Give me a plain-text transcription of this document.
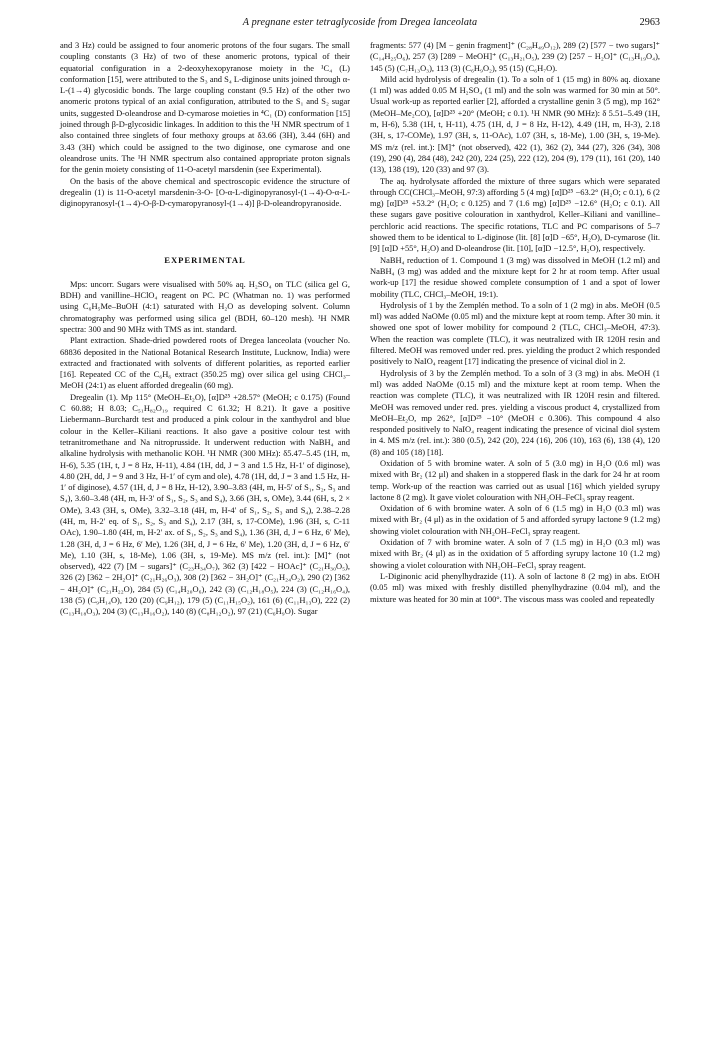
A pregnane ester tetraglycoside from Dregea lanceolata	2963

and 3 Hz) could be assigned to four anomeric protons of the four sugars. The small coupling constants (3 Hz) of two of these anomeric protons, typical of their equatorial configuration in a 2-deoxyhexopyranose moiety in the ¹C₄ (L) conformation [15], were attributed to the S₃ and S₄ L-diginose units joined through α-L-(1→4) glycosidic bonds. The large coupling constant (9.5 Hz) of the other two anomeric protons typical of an axial configuration, attributed to the S₁ and S₂ sugar units, suggested D-oleandrose and D-cymarose moieties in ⁴C₁ (D) conformation [15] joined through β-D-glycosidic linkages. In addition to this the ¹H NMR spectrum of 1 also contained three singlets of four methoxy groups at δ3.66 (3H), 3.44 (6H) and 3.43 (3H) which could be assigned to the two diginose, one cymarose and one oleandrose units. The ¹H NMR spectrum also contained appropriate proton signals for the genin moiety consisting of 11-O-acetyl marsdenin (see Experimental).

On the basis of the above chemical and spectroscopic evidence the structure of dregealin (1) is 11-O-acetyl marsdenin-3-O- [O-α-L-diginopyranosyl-(1→4)-O-α-L-diginopyranosyl-(1→4)-O-β-D-cymaropyranosyl-(1→4)] β-D-oleandropyranoside.

EXPERIMENTAL

Mps: uncorr. Sugars were visualised with 50% aq. H₂SO₄ on TLC (silica gel G, BDH) and vanilline–HClO₄ reagent on PC. PC (Whatman no. 1) was performed using C₆H₅Me–BuOH (4:1) saturated with H₂O as developing solvent. Column chromatography was performed using silica gel (BDH, 60–120 mesh). ¹H NMR spectra: 300 and 90 MHz with TMS as int. standard.

Plant extraction. Shade-dried powdered roots of Dregea lanceolata (voucher No. 68836 deposited in the National Botanical Research Institute, Lucknow, India) were extracted and fractionated with solvents of different polarities, as reported earlier [16]. Repeated CC of the C₆H₆ extract (350.25 mg) over silica gel using CHCl₃–MeOH (24:1) as eluent afforded dregealin (60 mg).

Dregealin (1). Mp 115° (MeOH–Et₂O), [α]D²⁵ +28.57° (MeOH; c 0.175) (Found C 60.88; H 8.03; C₅₁H₈₂O₁₉ required C 61.32; H 8.21). It gave a positive Liebermann–Burchardt test and produced a pink colour in the xanthydrol and blue colour in the Keller–Kiliani reactions. It also gave a positive colour test with tetranitromethane and Na nitroprusside. It underwent reduction with NaBH₄ and alkaline hydrolysis with methanolic KOH. ¹H NMR (300 MHz): δ5.47–5.45 (1H, m, H-6), 5.35 (1H, t, J = 8 Hz, H-11), 4.84 (1H, dd, J = 3 and 1.5 Hz, H-1′ of diginose), 4.80 (2H, dd, J = 9 and 3 Hz, H-1′ of cym and ole), 4.78 (1H, dd, J = 3 and 1.5 Hz, H-1′ of diginose), 4.57 (1H, d, J = 8 Hz, H-12), 3.90–3.83 (4H, m, H-5′ of S₁, S₂, S₃ and S₄), 3.60–3.48 (4H, m, H-3′ of S₁, S₂, S₃ and S₄), 3.66 (3H, s, OMe), 3.44 (6H, s, 2 × OMe), 3.43 (3H, s, OMe), 3.32–3.18 (4H, m, H-4′ of S₁, S₂, S₃ and S₄), 2.38–2.28 (4H, m, H-2′ eq. of S₁, S₂, S₃ and S₄), 2.17 (3H, s, 17-COMe), 1.96 (3H, s, C-11 OAc), 1.90–1.80 (4H, m, H-2′ ax. of S₁, S₂, S₃ and S₄), 1.36 (3H, d, J = 6 Hz, 6′ Me), 1.28 (3H, d, J = 6 Hz, 6′ Me), 1.26 (3H, d, J = 6 Hz, 6′ Me), 1.20 (3H, d, J = 6 Hz, 6′ Me), 1.10 (3H, s, 18-Me), 1.06 (3H, s, 19-Me). MS m/z (rel. int.): [M]⁺ (not observed), 422 (7) [M − sugars]⁺ (C₂₃H₃₄O₇), 362 (3) [422 − HOAc]⁺ (C₂₁H₃₀O₅), 326 (2) [362 − 2H₂O]⁺ (C₂₁H₂₆O₃), 308 (2) [362 − 3H₂O]⁺ (C₂₁H₂₄O₂), 290 (2) [362 − 4H₂O]⁺ (C₂₁H₂₂O), 284 (5) (C₁₄H₂₀O₆), 242 (3) (C₁₂H₁₈O₅), 224 (3) (C₁₂H₁₆O₄), 138 (5) (C₉H₁₄O), 120 (20) (C₉H₁₂), 179 (5) (C₁₁H₁₅O₂), 161 (6) (C₁₁H₁₃O), 222 (2) (C₁₃H₁₈O₃), 204 (3) (C₁₃H₁₆O₂), 140 (8) (C₈H₁₂O₂), 97 (21) (C₆H₉O). Sugar

fragments: 577 (4) [M − genin fragment]⁺ (C₂₈H₄₉O₁₂), 289 (2) [577 − two sugars]⁺ (C₁₄H₂₅O₆), 257 (3) [289 − MeOH]⁺ (C₁₃H₂₁O₅), 239 (2) [257 − H₂O]⁺ (C₁₃H₁₉O₄), 145 (5) (C₇H₁₃O₃), 113 (3) (C₆H₉O₂), 95 (15) (C₆H₇O).

Mild acid hydrolysis of dregealin (1). To a soln of 1 (15 mg) in 80% aq. dioxane (1 ml) was added 0.05 M H₂SO₄ (1 ml) and the soln was warmed for 30 min at 50°. Usual work-up as reported earlier [2], afforded a crystalline genin 3 (5 mg), mp 162° (MeOH–Me₂CO), [α]D²⁵ +20° (MeOH; c 0.1). ¹H NMR (90 MHz): δ 5.51–5.49 (1H, m, H-6), 5.38 (1H, t, H-11), 4.75 (1H, d, J = 8 Hz, H-12), 4.49 (1H, m, H-3), 2.18 (3H, s, 17-COMe), 1.97 (3H, s, 11-OAc), 1.07 (3H, s, 18-Me), 1.00 (3H, s, 19-Me). MS m/z (rel. int.): [M]⁺ (not observed), 422 (1), 362 (2), 344 (27), 326 (34), 308 (19), 290 (4), 284 (48), 242 (20), 224 (25), 222 (12), 204 (9), 179 (11), 161 (20), 140 (13), 138 (19), 120 (33) and 97 (3).

The aq. hydrolysate afforded the mixture of three sugars which were separated through CC(CHCl₃–MeOH, 97:3) affording 5 (4 mg) [α]D²⁵ −63.2° (H₂O; c 0.1), 6 (2 mg) [α]D²⁵ +53.2° (H₂O; c 0.125) and 7 (1.6 mg) [α]D²⁵ −12.6° (H₂O; c 0.1). All these sugars gave positive colouration in xanthydrol, Keller–Kiliani and vanilline–perchloric acid reactions. The specific rotations, TLC and PC comparisons of 5–7 showed them to be identical to L-diginose (lit. [8] [α]D −65°, H₂O), D-cymarose (lit. [9] [α]D +55°, H₂O) and D-oleandrose (lit. [10], [α]D −12.5°, H₂O), respectively.

NaBH₄ reduction of 1. Compound 1 (3 mg) was dissolved in MeOH (1.2 ml) and NaBH₄ (3 mg) was added and the mixture kept for 2 hr at room temp. After usual work-up [17] the residue showed complete consumption of 1 and a spot of lower mobility (TLC, CHCl₃–MeOH, 19:1).

Hydrolysis of 1 by the Zemplén method. To a soln of 1 (2 mg) in abs. MeOH (0.5 ml) was added NaOMe (0.05 ml) and the mixture kept at room temp. After 30 min. it showed one spot of lower mobility for compound 2 (TLC, CHCl₃–MeOH, 47:3). When the reaction was complete (TLC), it was neutralized with IR 120H resin and filtered. MeOH was removed under red. pres. yielding the product 2 which responded positively to NaIO₄ reagent [17] indicating the presence of vicinal diol in 2.

Hydrolysis of 3 by the Zemplén method. To a soln of 3 (3 mg) in abs. MeOH (1 ml) was added NaOMe (0.15 ml) and the mixture kept at room temp. When the reaction was complete (TLC), it was neutralized with IR 120H resin and filtered. MeOH was removed under red. pres. yielding a viscous product 4, crystallized from MeOH–Et₂O, mp 262°, [α]D²⁵ −10° (MeOH c 0.306). This compound 4 also responded positively to NaIO₄ reagent indicating the presence of vicinal diol system in 4. MS m/z (rel. int.): 380 (0.5), 242 (20), 224 (16), 206 (10), 163 (6), 138 (4), 120 (8) and 105 (18) [18].

Oxidation of 5 with bromine water. A soln of 5 (3.0 mg) in H₂O (0.6 ml) was mixed with Br₂ (12 μl) and shaken in a stoppered flask in the dark for 24 hr at room temp. Work-up of the reaction was carried out as usual [16] which yielded syrupy lactone 8 (2 mg). It gave violet colouration with NH₂OH–FeCl₃ spray reagent.

Oxidation of 6 with bromine water. A soln of 6 (1.5 mg) in H₂O (0.3 ml) was mixed with Br₂ (4 μl) as in the oxidation of 5 and afforded syrupy lactone 9 (1.2 mg) showing violet colouration with NH₂OH–FeCl₃ spray reagent.

Oxidation of 7 with bromine water. A soln of 7 (1.5 mg) in H₂O (0.3 ml) was mixed with Br₂ (4 μl) as in the oxidation of 5 affording syrupy lactone 10 (1.2 mg) showing a violet colouration with NH₂OH–FeCl₃ spray reagent.

L-Diginonic acid phenylhydrazide (11). A soln of lactone 8 (2 mg) in abs. EtOH (0.05 ml) was mixed with freshly distilled phenylhydrazine (0.04 ml), and the mixture was heated for 30 min at 100°. The viscous mass was cooled and repeatedly
